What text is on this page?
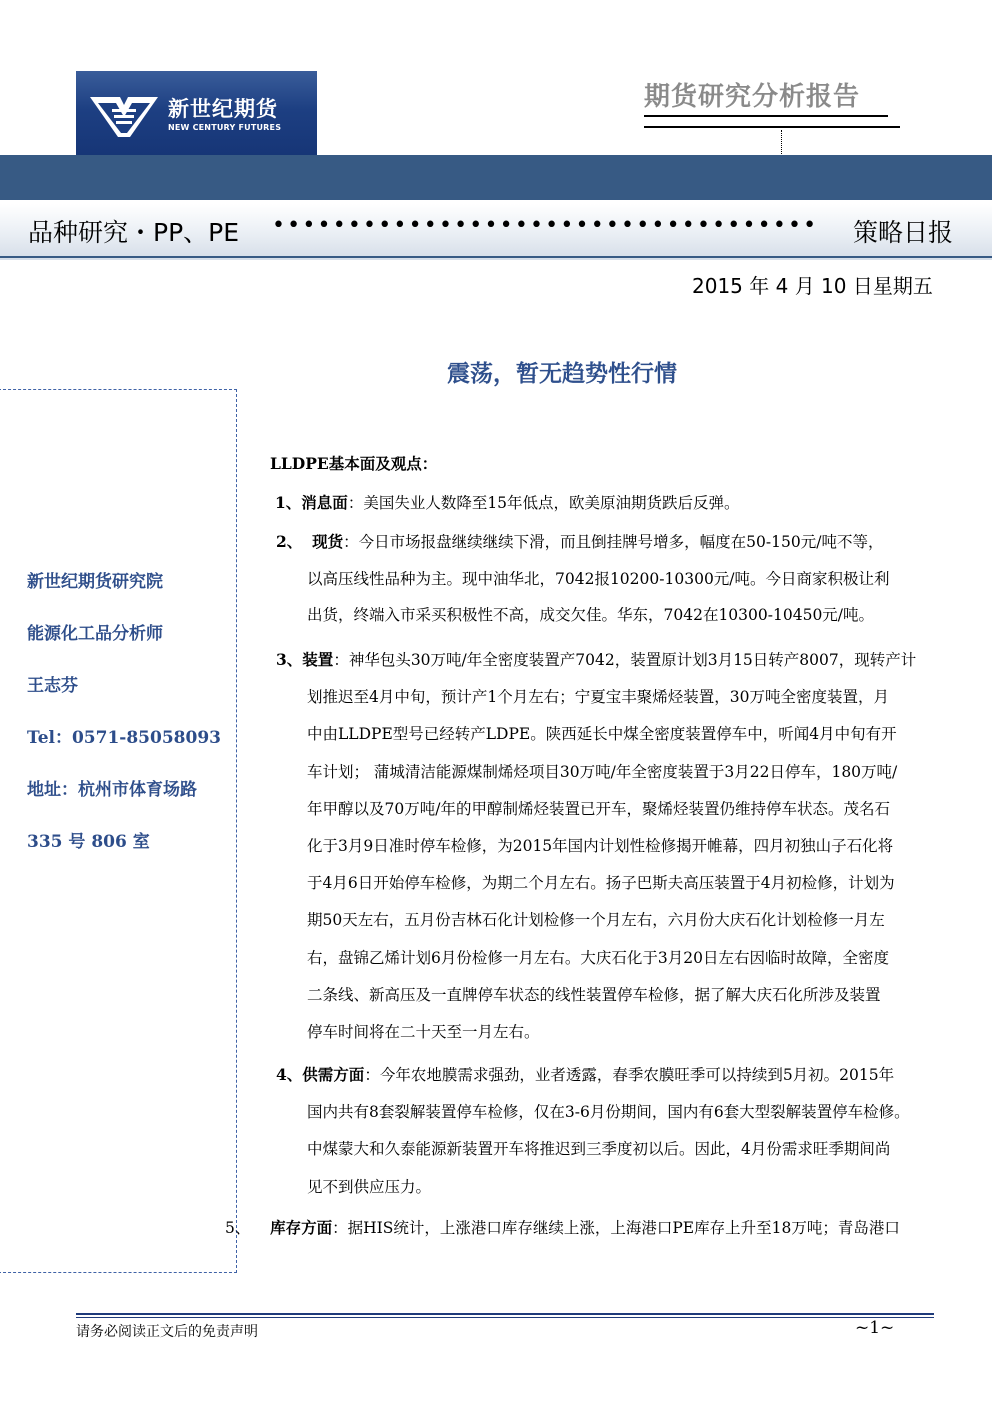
新世纪期货
NEW CENTURY FUTURES
期货研究分析报告
品种研究・PP、PE •••••••••••••••••••••••••••••••••••• 策略日报
2015 年 4 月 10 日星期五
震荡，暂无趋势性行情
新世纪期货研究院
能源化工品分析师
王志芬
Tel：0571-85058093
地址：杭州市体育场路
335 号 806 室
LLDPE基本面及观点：
1、消息面：美国失业人数降至15年低点，欧美原油期货跌后反弹。
2、 现货：今日市场报盘继续继续下滑，而且倒挂牌号增多，幅度在50-150元/吨不等，
以高压线性品种为主。现中油华北，7042报10200-10300元/吨。今日商家积极让利
出货，终端入市采买积极性不高，成交欠佳。华东，7042在10300-10450元/吨。
3、装置：神华包头30万吨/年全密度装置产7042，装置原计划3月15日转产8007，现转产计
划推迟至4月中旬，预计产1个月左右；宁夏宝丰聚烯烃装置，30万吨全密度装置，月
中由LLDPE型号已经转产LDPE。陕西延长中煤全密度装置停车中，听闻4月中旬有开
车计划； 蒲城清洁能源煤制烯烃项目30万吨/年全密度装置于3月22日停车，180万吨/
年甲醇以及70万吨/年的甲醇制烯烃装置已开车，聚烯烃装置仍维持停车状态。茂名石
化于3月9日准时停车检修，为2015年国内计划性检修揭开帷幕，四月初独山子石化将
于4月6日开始停车检修，为期二个月左右。扬子巴斯夫高压装置于4月初检修，计划为
期50天左右，五月份吉林石化计划检修一个月左右，六月份大庆石化计划检修一月左
右，盘锦乙烯计划6月份检修一月左右。大庆石化于3月20日左右因临时故障，全密度
二条线、新高压及一直牌停车状态的线性装置停车检修，据了解大庆石化所涉及装置
停车时间将在二十天至一月左右。
4、供需方面：今年农地膜需求强劲，业者透露，春季农膜旺季可以持续到5月初。2015年
国内共有8套裂解装置停车检修，仅在3-6月份期间，国内有6套大型裂解装置停车检修。
中煤蒙大和久泰能源新装置开车将推迟到三季度初以后。因此，4月份需求旺季期间尚
见不到供应压力。
5、 库存方面：据HIS统计，上涨港口库存继续上涨，上海港口PE库存上升至18万吨；青岛港口
请务必阅读正文后的免责声明	~1~
